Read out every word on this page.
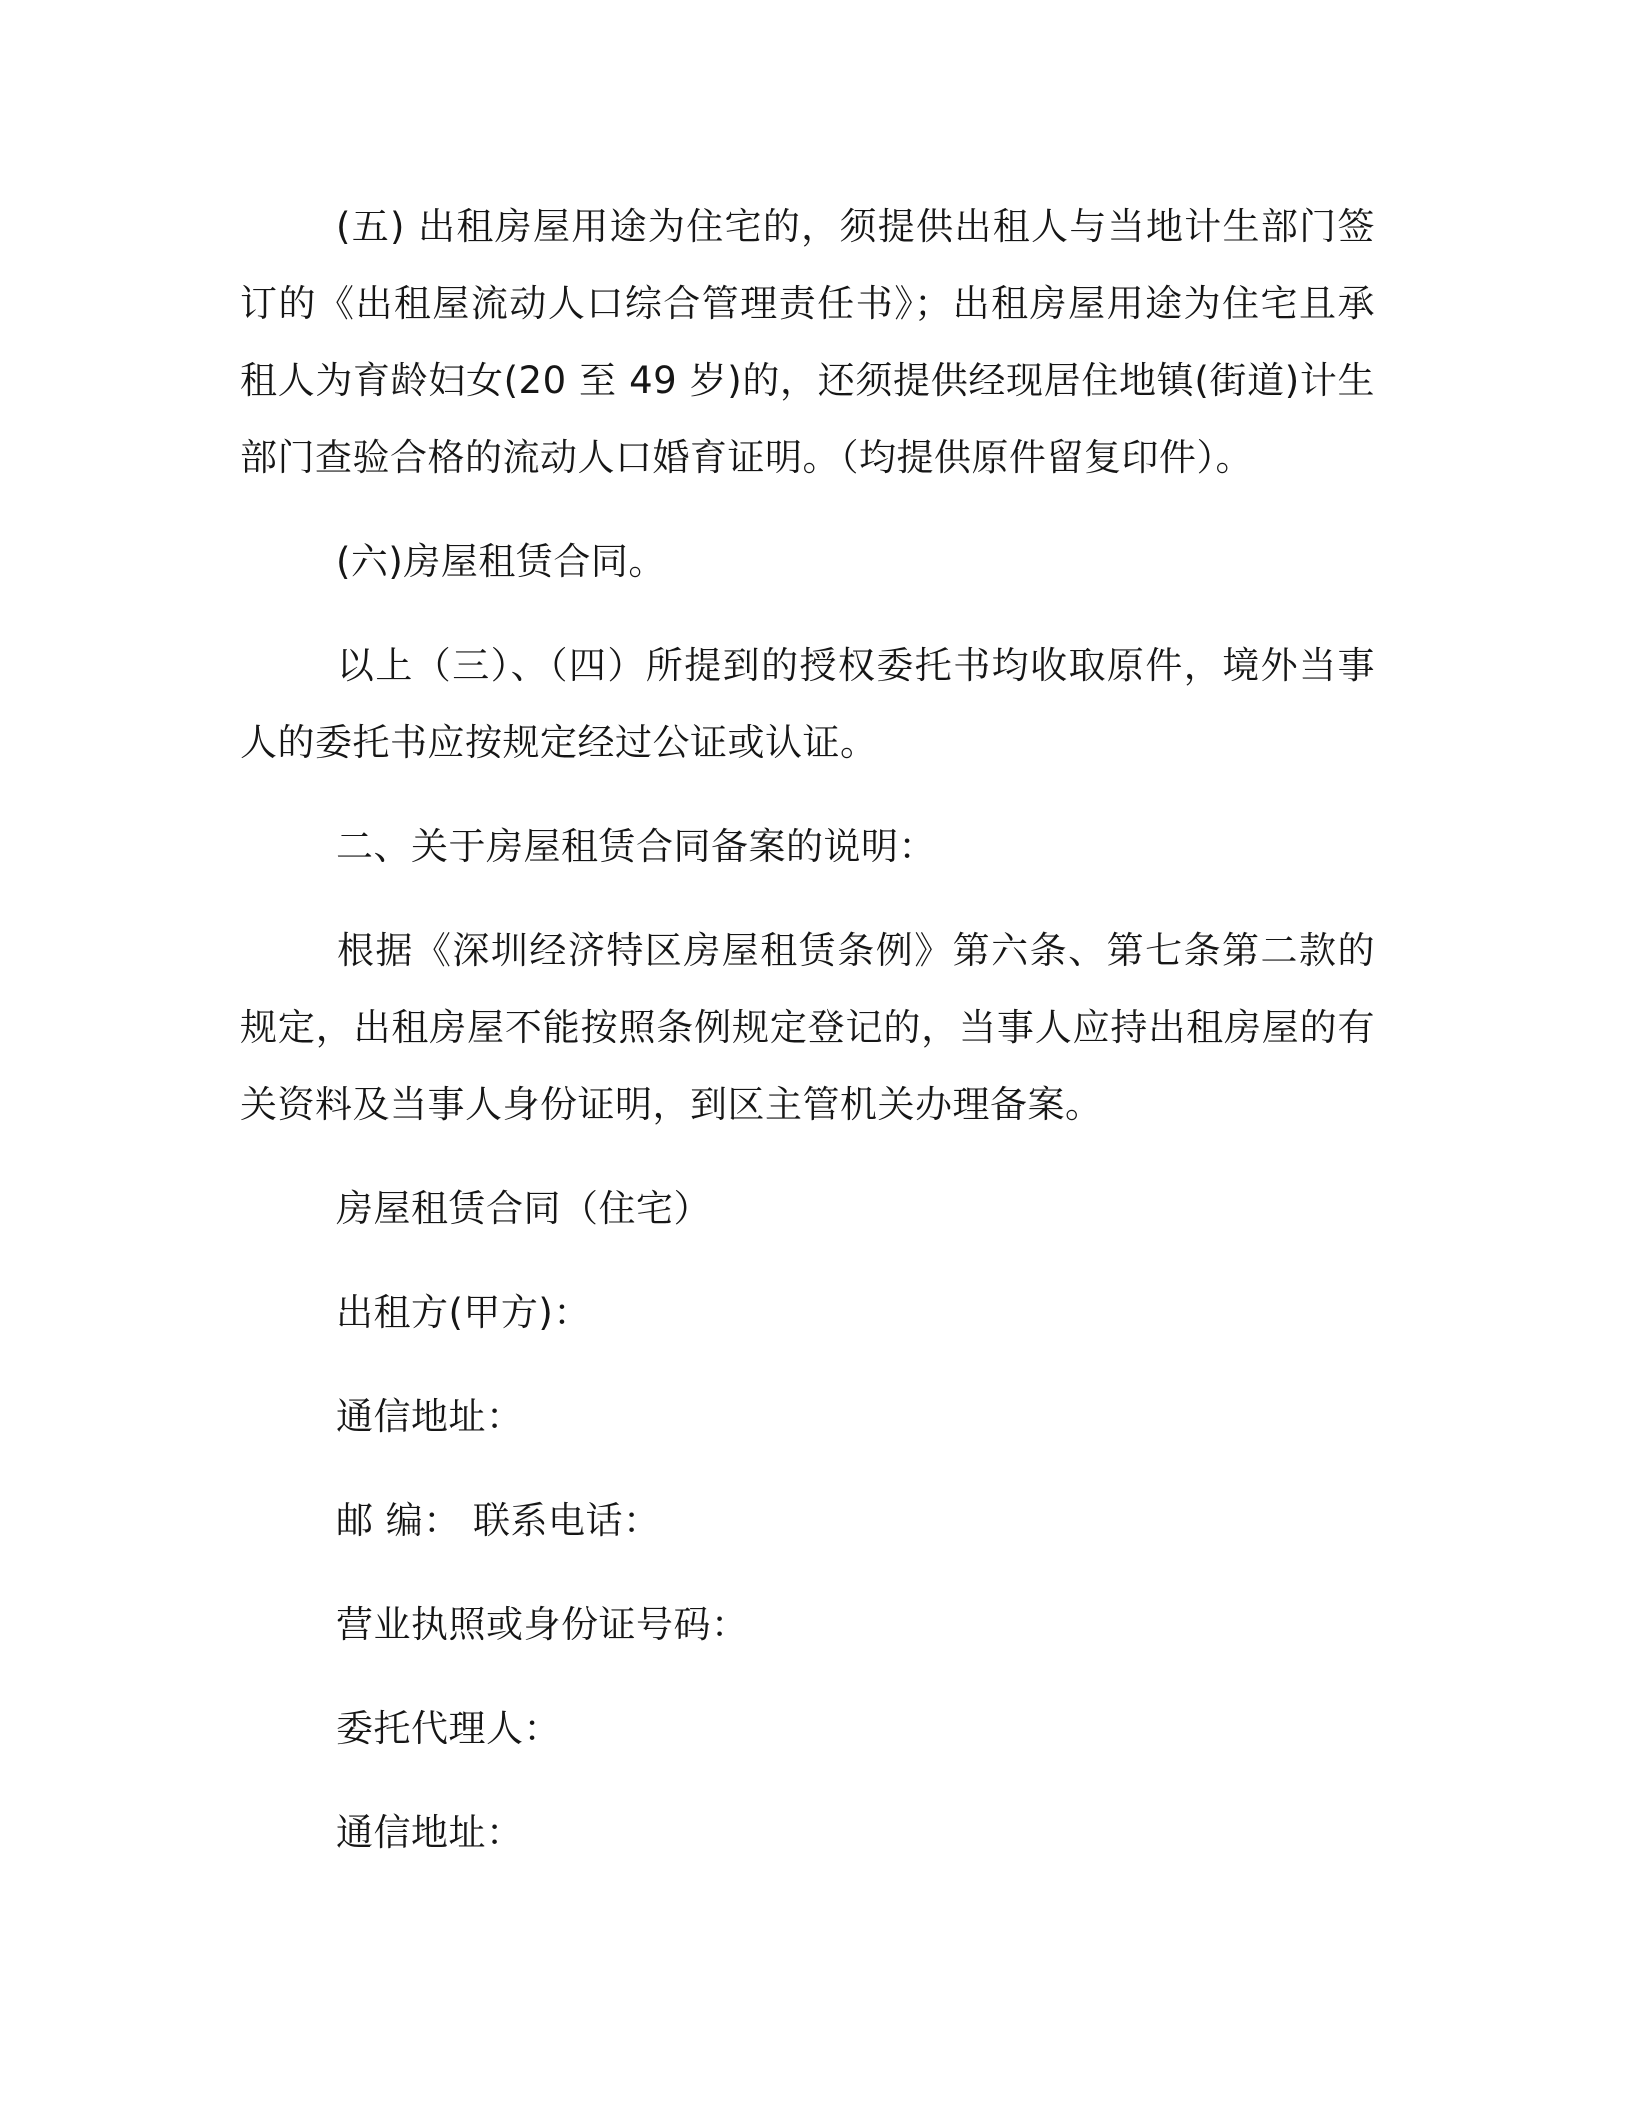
(五) 出租房屋用途为住宅的，须提供出租人与当地计生部门签订的《出租屋流动人口综合管理责任书》；出租房屋用途为住宅且承租人为育龄妇女(20 至 49 岁)的，还须提供经现居住地镇(街道)计生部门查验合格的流动人口婚育证明。（均提供原件留复印件）。

(六)房屋租赁合同。

以上（三）、（四）所提到的授权委托书均收取原件，境外当事人的委托书应按规定经过公证或认证。

二、关于房屋租赁合同备案的说明：

根据《深圳经济特区房屋租赁条例》第六条、第七条第二款的规定，出租房屋不能按照条例规定登记的，当事人应持出租房屋的有关资料及当事人身份证明，到区主管机关办理备案。

房屋租赁合同（住宅）

出租方(甲方)：

通信地址：

邮 编： 联系电话：

营业执照或身份证号码：

委托代理人：

通信地址：
